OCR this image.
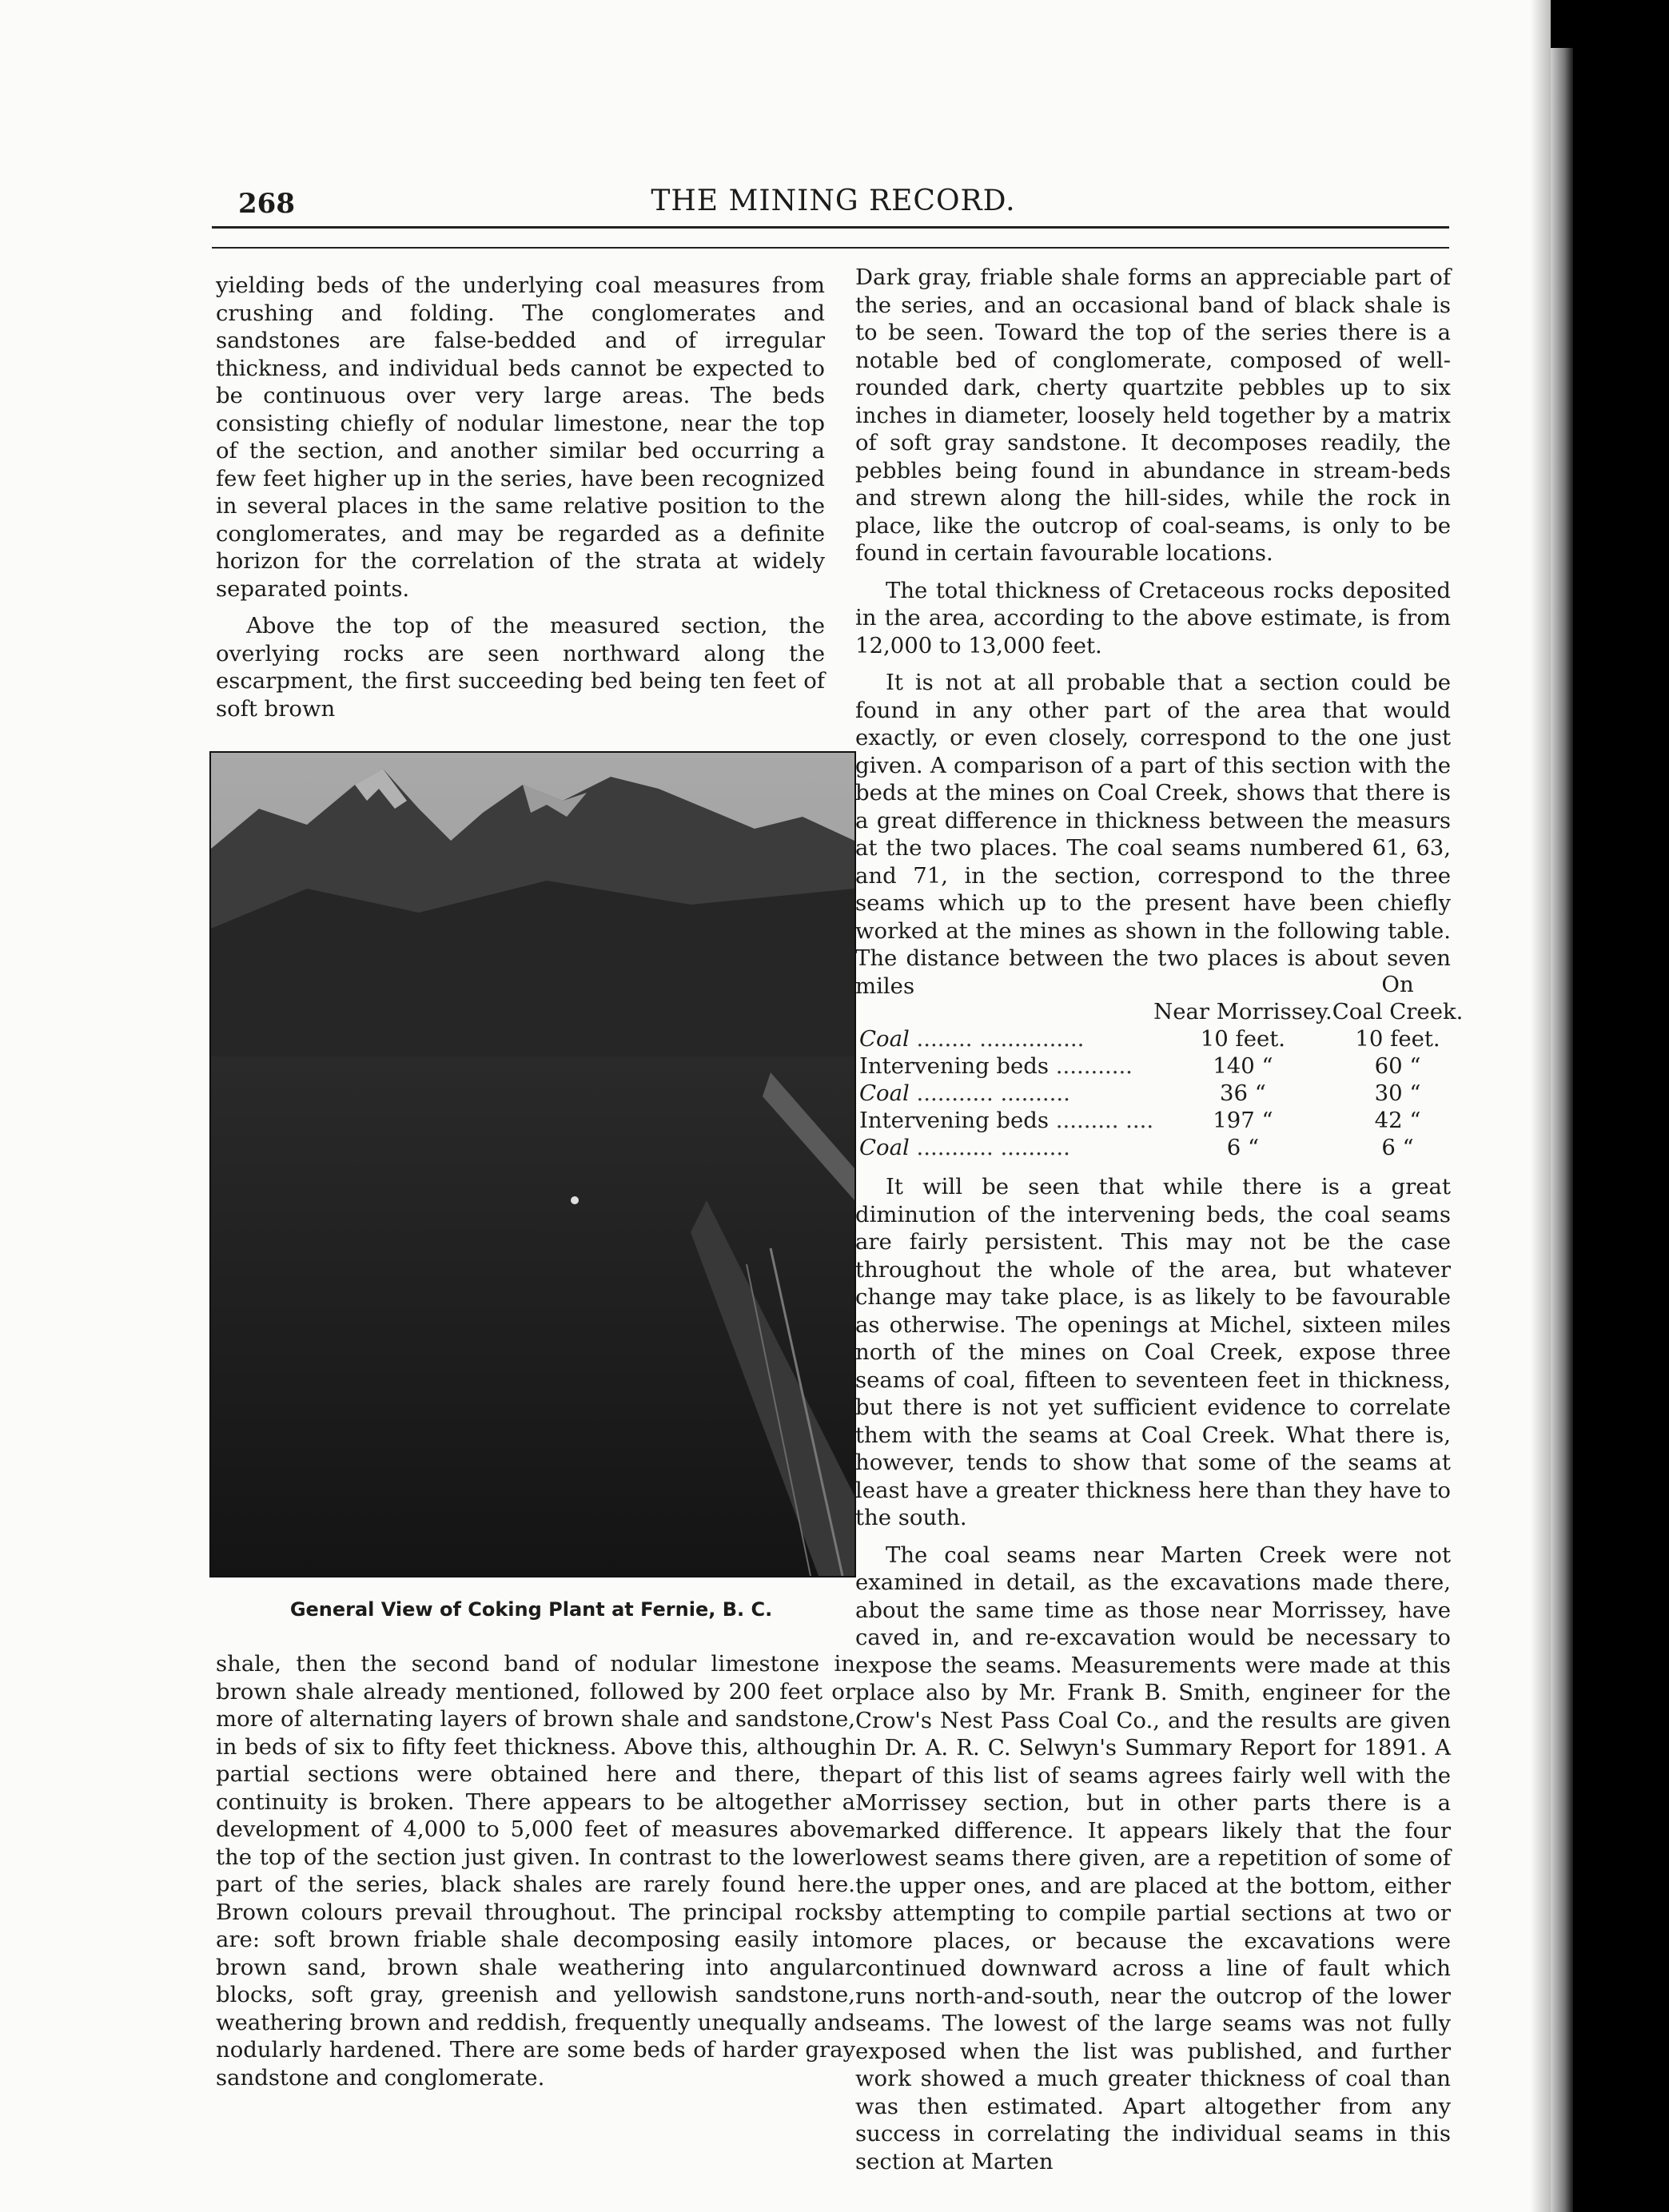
268	THE MINING RECORD.

yielding beds of the underlying coal measures from crushing and folding. The conglomerates and sandstones are false-bedded and of irregular thickness, and individual beds cannot be expected to be continuous over very large areas. The beds consisting chiefly of nodular limestone, near the top of the section, and another similar bed occurring a few feet higher up in the series, have been recognized in several places in the same relative position to the conglomerates, and may be regarded as a definite horizon for the correlation of the strata at widely separated points.

Above the top of the measured section, the overlying rocks are seen northward along the escarpment, the first succeeding bed being ten feet of soft brown

General View of Coking Plant at Fernie, B. C.

shale, then the second band of nodular limestone in brown shale already mentioned, followed by 200 feet or more of alternating layers of brown shale and sandstone, in beds of six to fifty feet thickness. Above this, although partial sections were obtained here and there, the continuity is broken. There appears to be altogether a development of 4,000 to 5,000 feet of measures above the top of the section just given. In contrast to the lower part of the series, black shales are rarely found here. Brown colours prevail throughout. The principal rocks are: soft brown friable shale decomposing easily into brown sand, brown shale weathering into angular blocks, soft gray, greenish and yellowish sandstone, weathering brown and reddish, frequently unequally and nodularly hardened. There are some beds of harder gray sandstone and conglomerate.

Dark gray, friable shale forms an appreciable part of the series, and an occasional band of black shale is to be seen. Toward the top of the series there is a notable bed of conglomerate, composed of well-rounded dark, cherty quartzite pebbles up to six inches in diameter, loosely held together by a matrix of soft gray sandstone. It decomposes readily, the pebbles being found in abundance in stream-beds and strewn along the hill-sides, while the rock in place, like the outcrop of coal-seams, is only to be found in certain favourable locations.

The total thickness of Cretaceous rocks deposited in the area, according to the above estimate, is from 12,000 to 13,000 feet.

It is not at all probable that a section could be found in any other part of the area that would exactly, or even closely, correspond to the one just given. A comparison of a part of this section with the beds at the mines on Coal Creek, shows that there is a great difference in thickness between the measurs at the two places. The coal seams numbered 61, 63, and 71, in the section, correspond to the three seams which up to the present have been chiefly worked at the mines as shown in the following table. The distance between the two places is about seven miles

			On
	Near Morrissey.	Coal Creek.
Coal ........ ...............	10 feet.	10 feet.
Intervening beds ...........	140 “	60 “
Coal ........... ..........	36 “	30 “
Intervening beds ......... ....	197 “	42 “
Coal ........... ..........	6 “	6 “

It will be seen that while there is a great diminution of the intervening beds, the coal seams are fairly persistent. This may not be the case throughout the whole of the area, but whatever change may take place, is as likely to be favourable as otherwise. The openings at Michel, sixteen miles north of the mines on Coal Creek, expose three seams of coal, fifteen to seventeen feet in thickness, but there is not yet sufficient evidence to correlate them with the seams at Coal Creek. What there is, however, tends to show that some of the seams at least have a greater thickness here than they have to the south.

The coal seams near Marten Creek were not examined in detail, as the excavations made there, about the same time as those near Morrissey, have caved in, and re-excavation would be necessary to expose the seams. Measurements were made at this place also by Mr. Frank B. Smith, engineer for the Crow's Nest Pass Coal Co., and the results are given in Dr. A. R. C. Selwyn's Summary Report for 1891. A part of this list of seams agrees fairly well with the Morrissey section, but in other parts there is a marked difference. It appears likely that the four lowest seams there given, are a repetition of some of the upper ones, and are placed at the bottom, either by attempting to compile partial sections at two or more places, or because the excavations were continued downward across a line of fault which runs north-and-south, near the outcrop of the lower seams. The lowest of the large seams was not fully exposed when the list was published, and further work showed a much greater thickness of coal than was then estimated. Apart altogether from any success in correlating the individual seams in this section at Marten
